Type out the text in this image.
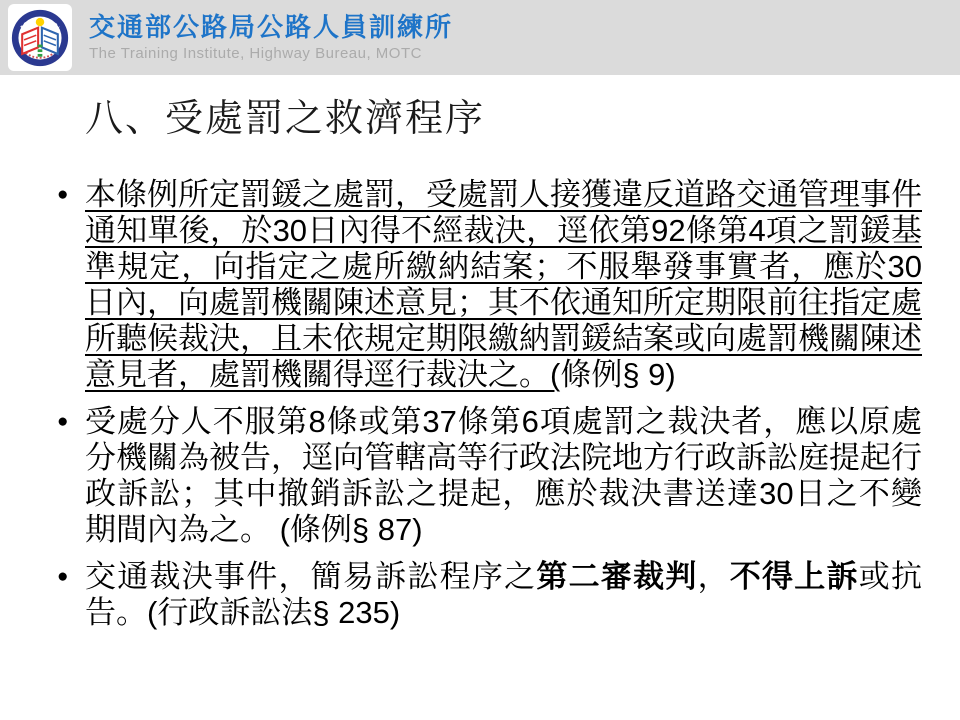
交通部公路局公路人員訓練所
The Training Institute, Highway Bureau, MOTC
八、受處罰之救濟程序
● 本條例所定罰鍰之處罰，受處罰人接獲違反道路交通管理事件通知單後，於30日內得不經裁決，逕依第92條第4項之罰鍰基準規定，向指定之處所繳納結案；不服舉發事實者，應於30日內，向處罰機關陳述意見；其不依通知所定期限前往指定處所聽候裁決，且未依規定期限繳納罰鍰結案或向處罰機關陳述意見者，處罰機關得逕行裁決之。(條例§ 9)
● 受處分人不服第8條或第37條第6項處罰之裁決者，應以原處分機關為被告，逕向管轄高等行政法院地方行政訴訟庭提起行政訴訟；其中撤銷訴訟之提起，應於裁決書送達30日之不變期間內為之。 (條例§ 87)
● 交通裁決事件，簡易訴訟程序之第二審裁判，不得上訴或抗告。(行政訴訟法§ 235)
